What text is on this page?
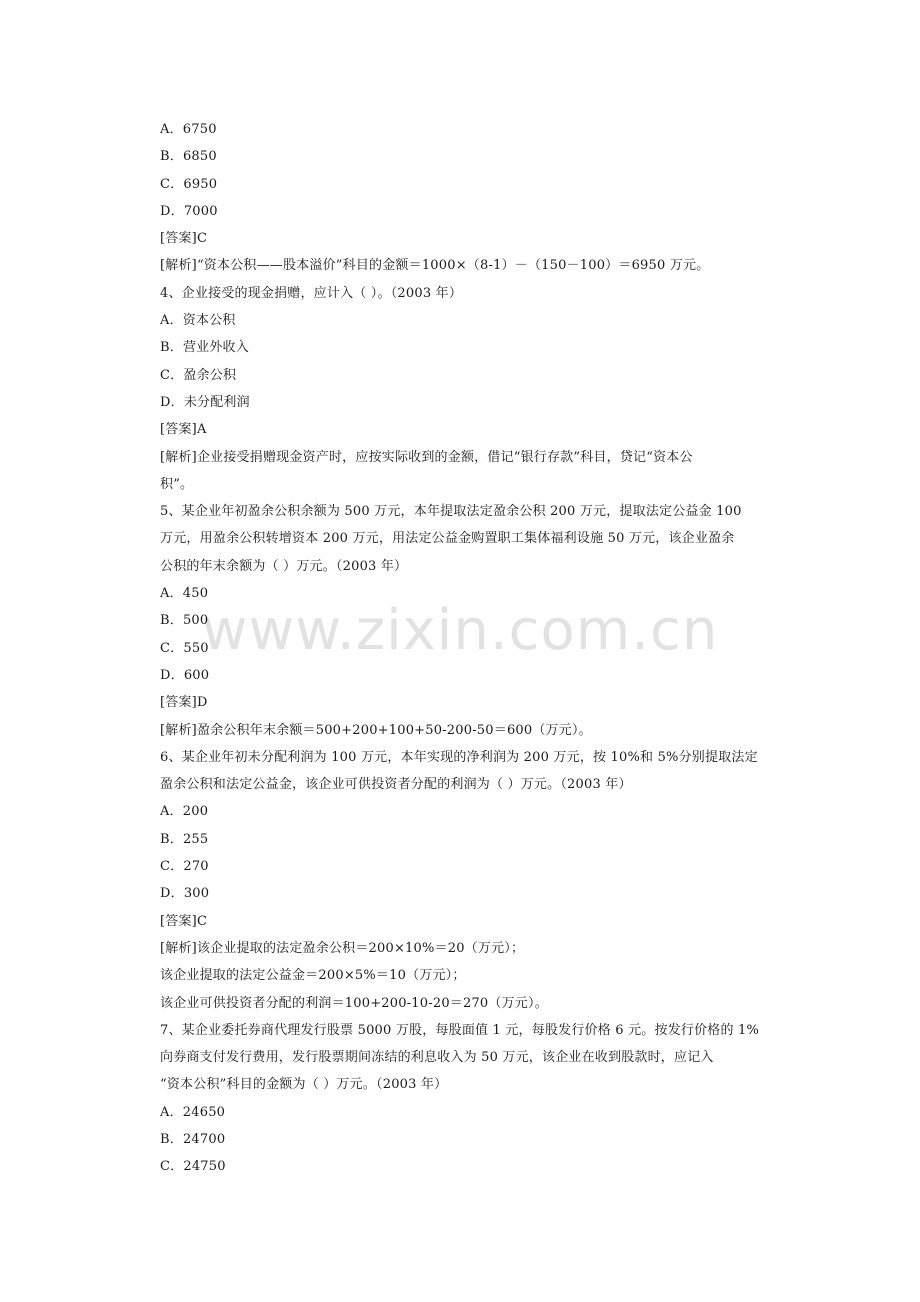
www.zixin.com.cn
A．6750
B．6850
C．6950
D．7000
[答案]C
[解析]“资本公积——股本溢价”科目的金额＝1000×（8-1）－（150－100）＝6950 万元。
4、企业接受的现金捐赠，应计入（ ）。（2003 年）
A．资本公积
B．营业外收入
C．盈余公积
D．未分配利润
[答案]A
[解析]企业接受捐赠现金资产时，应按实际收到的金额，借记“银行存款”科目，贷记“资本公
积”。
5、某企业年初盈余公积余额为 500 万元，本年提取法定盈余公积 200 万元，提取法定公益金 100
万元，用盈余公积转增资本 200 万元，用法定公益金购置职工集体福利设施 50 万元，该企业盈余
公积的年末余额为（ ）万元。（2003 年）
A．450
B．500
C．550
D．600
[答案]D
[解析]盈余公积年末余额＝500+200+100+50-200-50＝600（万元）。
6、某企业年初未分配利润为 100 万元，本年实现的净利润为 200 万元，按 10%和 5%分别提取法定
盈余公积和法定公益金，该企业可供投资者分配的利润为（ ）万元。（2003 年）
A．200
B．255
C．270
D．300
[答案]C
[解析]该企业提取的法定盈余公积＝200×10%＝20（万元）；
该企业提取的法定公益金＝200×5%＝10（万元）；
该企业可供投资者分配的利润＝100+200-10-20＝270（万元）。
7、某企业委托券商代理发行股票 5000 万股，每股面值 1 元，每股发行价格 6 元。按发行价格的 1%
向券商支付发行费用，发行股票期间冻结的利息收入为 50 万元，该企业在收到股款时，应记入
“资本公积”科目的金额为（ ）万元。（2003 年）
A．24650
B．24700
C．24750
